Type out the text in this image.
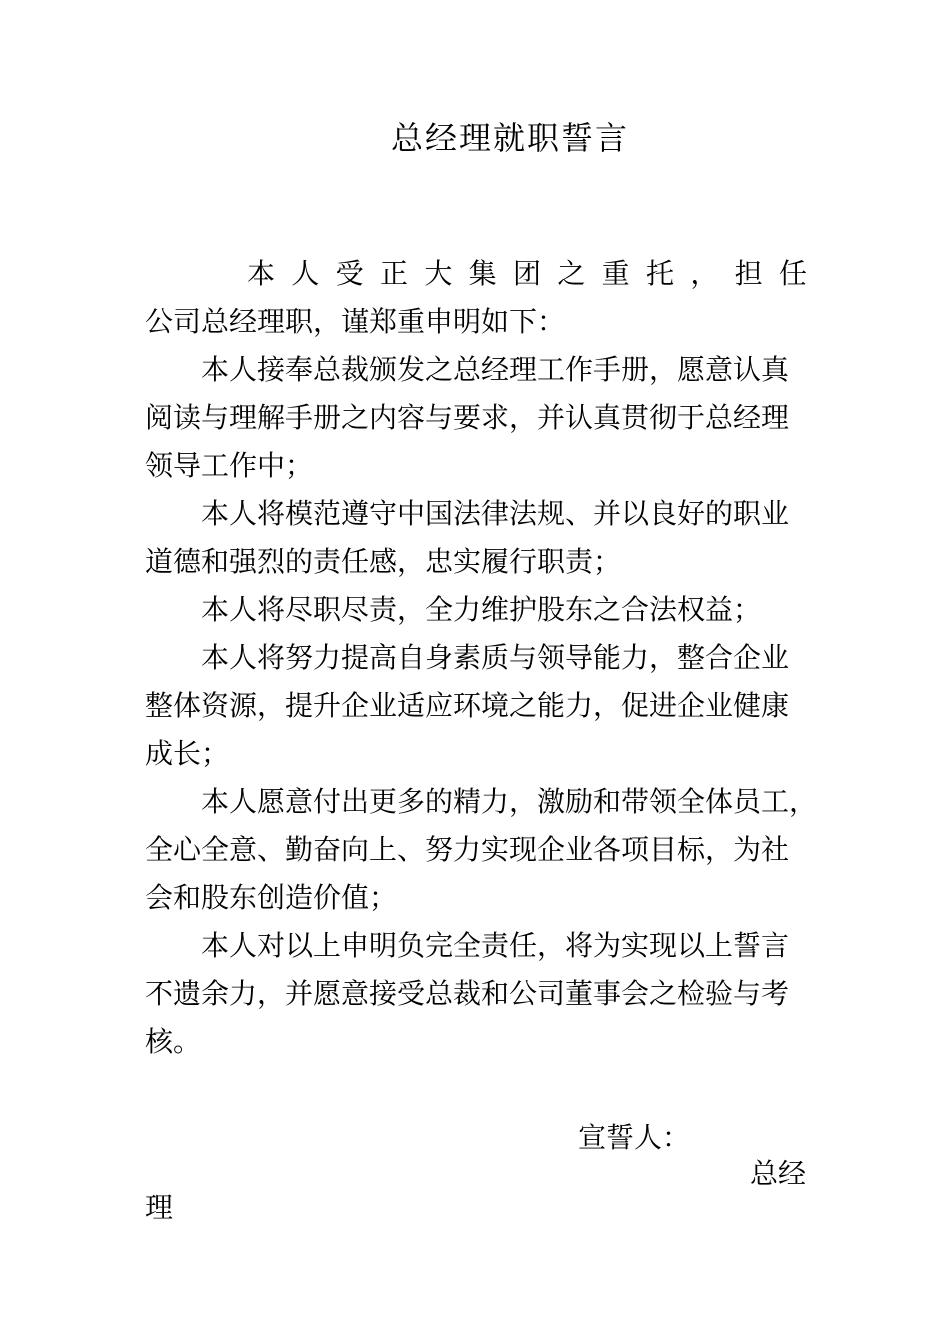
总经理就职誓言
本 人 受 正 大 集 团 之 重 托 ， 担 任
公司总经理职，谨郑重申明如下：
本人接奉总裁颁发之总经理工作手册，愿意认真
阅读与理解手册之内容与要求，并认真贯彻于总经理
领导工作中；
本人将模范遵守中国法律法规、并以良好的职业
道德和强烈的责任感，忠实履行职责；
本人将尽职尽责，全力维护股东之合法权益；
本人将努力提高自身素质与领导能力，整合企业
整体资源，提升企业适应环境之能力，促进企业健康
成长；
本人愿意付出更多的精力，激励和带领全体员工，
全心全意、勤奋向上、努力实现企业各项目标，为社
会和股东创造价值；
本人对以上申明负完全责任，将为实现以上誓言
不遗余力，并愿意接受总裁和公司董事会之检验与考
核。
宣誓人：
总经
理
